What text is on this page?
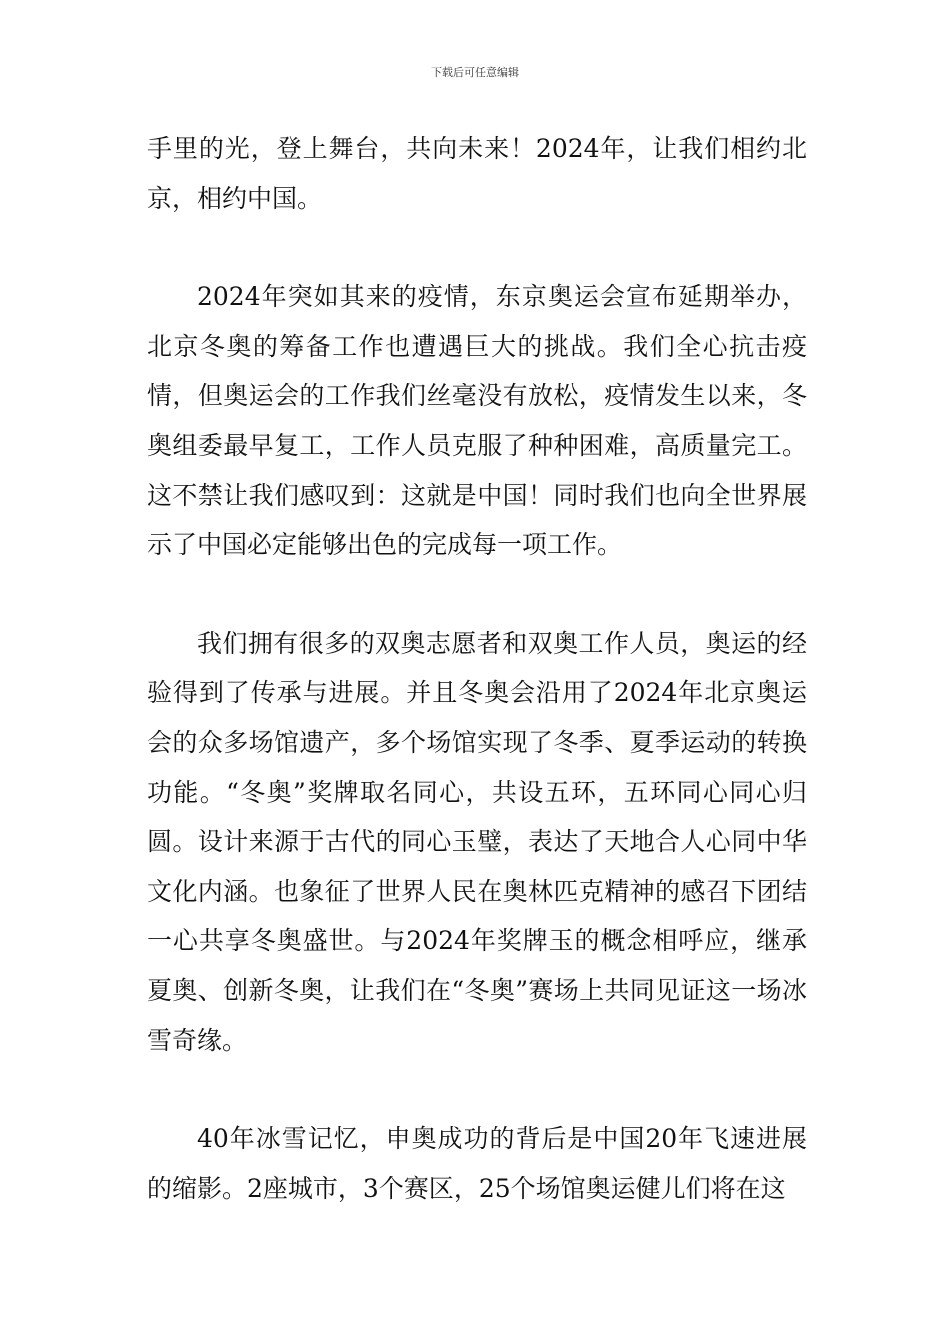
下载后可任意编辑

手里的光，登上舞台，共向未来！2024年，让我们相约北京，相约中国。

2024年突如其来的疫情，东京奥运会宣布延期举办，北京冬奥的筹备工作也遭遇巨大的挑战。我们全心抗击疫情，但奥运会的工作我们丝毫没有放松，疫情发生以来，冬奥组委最早复工，工作人员克服了种种困难，高质量完工。这不禁让我们感叹到：这就是中国！同时我们也向全世界展示了中国必定能够出色的完成每一项工作。

我们拥有很多的双奥志愿者和双奥工作人员，奥运的经验得到了传承与进展。并且冬奥会沿用了2024年北京奥运会的众多场馆遗产，多个场馆实现了冬季、夏季运动的转换功能。“冬奥”奖牌取名同心，共设五环，五环同心同心归圆。设计来源于古代的同心玉璧，表达了天地合人心同中华文化内涵。也象征了世界人民在奥林匹克精神的感召下团结一心共享冬奥盛世。与2024年奖牌玉的概念相呼应，继承夏奥、创新冬奥，让我们在“冬奥”赛场上共同见证这一场冰雪奇缘。

40年冰雪记忆，申奥成功的背后是中国20年飞速进展的缩影。2座城市，3个赛区，25个场馆奥运健儿们将在这
